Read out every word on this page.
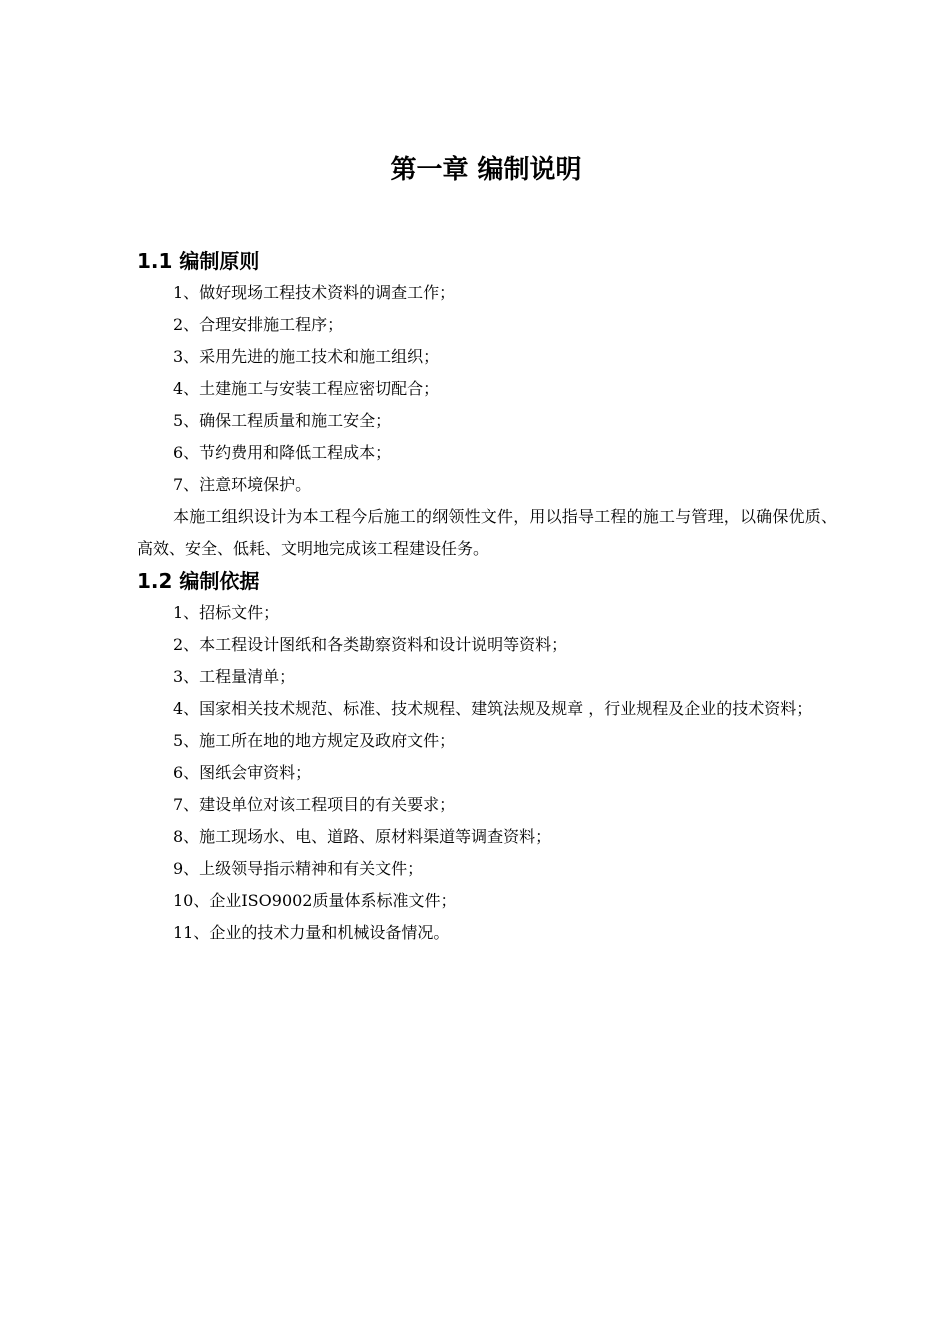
第一章 编制说明
1.1 编制原则

1、做好现场工程技术资料的调查工作；

2、合理安排施工程序；

3、采用先进的施工技术和施工组织；

4、土建施工与安装工程应密切配合；

5、确保工程质量和施工安全；

6、节约费用和降低工程成本；

7、注意环境保护。

本施工组织设计为本工程今后施工的纲领性文件，用以指导工程的施工与管理，以确保优质、高效、安全、低耗、文明地完成该工程建设任务。

1.2 编制依据

1、招标文件；

2、本工程设计图纸和各类勘察资料和设计说明等资料；

3、工程量清单；

4、国家相关技术规范、标准、技术规程、建筑法规及规章 ，行业规程及企业的技术资料；

5、施工所在地的地方规定及政府文件；

6、图纸会审资料；

7、建设单位对该工程项目的有关要求；

8、施工现场水、电、道路、原材料渠道等调查资料；

9、上级领导指示精神和有关文件；

10、企业ISO9002质量体系标准文件；

11、企业的技术力量和机械设备情况。
